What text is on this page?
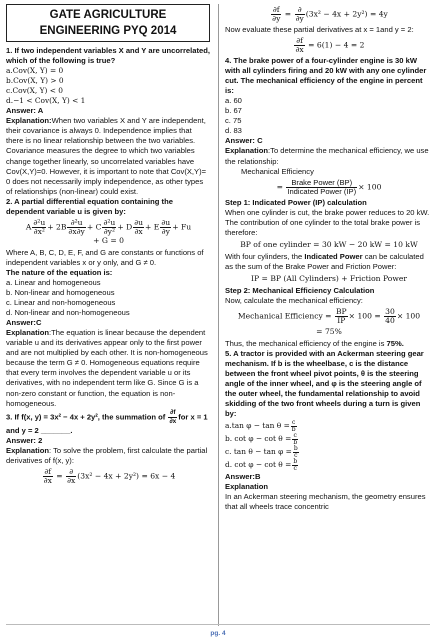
GATE AGRICULTURE
ENGINEERING PYQ 2014

1. If two independent variables X and Y are uncorrelated, which of the following is true?

a.Cov(X, Y) = 0

b.Cov(X, Y) > 0

c.Cov(X, Y) < 0

d.−1 < Cov(X, Y) < 1

Answer: A

Explanation:When two variables X and Y are independent, their covariance is always 0. Independence implies that there is no linear relationship between the two variables. Covariance measures the degree to which two variables change together linearly, so uncorrelated variables have Cov(X,Y)=0. However, it is important to note that Cov(X,Y)= 0 does not necessarily imply independence, as other types of relationships (non-linear) could exist.

2. A partial differential equation containing the dependent variable u is given by:

A $\frac{\text{∂²u}}{\text{∂x²}} + 2B \frac{\text{∂²u}}{\partial x\partial y} + C \frac{\text{∂²u}}{\text{∂y²}} + D \frac{\partial u}{\partial x} + E \frac{\partial u}{\partial y} + Fu$
+ G = 0

Where A, B, C, D, E, F, and G are constants or functions of independent variables x or y only, and G ≠ 0.

The nature of the equation is:

a. Linear and homogeneous

b. Non-linear and homogeneous

c. Linear and non-homogeneous

d. Non-linear and non-homogeneous

Answer:C

Explanation:The equation is linear because the dependent variable u and its derivatives appear only to the first power and are not multiplied by each other. It is non-homogeneous because the term G ≠ 0. Homogeneous equations require that every term involves the dependent variable u or its derivatives, with no independent term like G. Since G is a non-zero constant or function, the equation is non-homogeneous.

3. If f(x, y) = 3x² − 4x + 2y², the summation of $\frac{\partial f}{\partial x}$ for x = 1 and y = 2 _______.

Answer: 2

Explanation: To solve the problem, first calculate the partial derivatives of f(x, y):

$\frac{\partial f}{\partial x} = \frac{\partial}{\partial x} (3x^2 - 4x + 2y^2) = 6x - 4$
$\frac{\partial f}{\partial y} = \frac{\partial}{\partial y} (3x^2 - 4x + 2y^2) = 4y$

Now evaluate these partial derivatives at x = 1and y = 2:

$\frac{\partial f}{\partial x} = 6(1) - 4 = 2$

4. The brake power of a four-cylinder engine is 30 kW with all cylinders firing and 20 kW with any one cylinder cut. The mechanical efficiency of the engine in percent is:

a. 60

b. 67

c. 75

d. 83

Answer: C

Explanation:To determine the mechanical efficiency, we use the relationship:

Mechanical Efficiency

= $\frac{\text{Brake Power (BP)}}{\text{Indicated Power (IP)}} \times 100$

Step 1: Indicated Power (IP) calculation

When one cylinder is cut, the brake power reduces to 20 kW. The contribution of one cylinder to the total brake power is therefore:

BP of one cylinder = 30 kW − 20 kW = 10 kW

With four cylinders, the Indicated Power can be calculated as the sum of the Brake Power and Friction Power:

IP = BP (All Cylinders) + Friction Power

Step 2: Mechanical Efficiency Calculation

Now, calculate the mechanical efficiency:

Mechanical Efficiency = $\frac{BP}{IP} \times 100 = \frac{30}{40} \times 100$
= 75%

Thus, the mechanical efficiency of the engine is 75%.

5. A tractor is provided with an Ackerman steering gear mechanism. If b is the wheelbase, c is the distance between the front wheel pivot points, θ is the steering angle of the inner wheel, and φ is the steering angle of the outer wheel, the fundamental relationship to avoid skidding of the two front wheels during a turn is given by:

a.tan $\varphi - \tan \theta = \frac{c}{b}$
b. $\cot \varphi - \cot \theta = \frac{c}{b}$
c. $\tan \theta - \tan \varphi = \frac{b}{c}$
d. $\cot \varphi - \cot \theta = \frac{b}{c}$

Answer:B

Explanation

In an Ackerman steering mechanism, the geometry ensures that all wheels trace concentric

pg. 4
